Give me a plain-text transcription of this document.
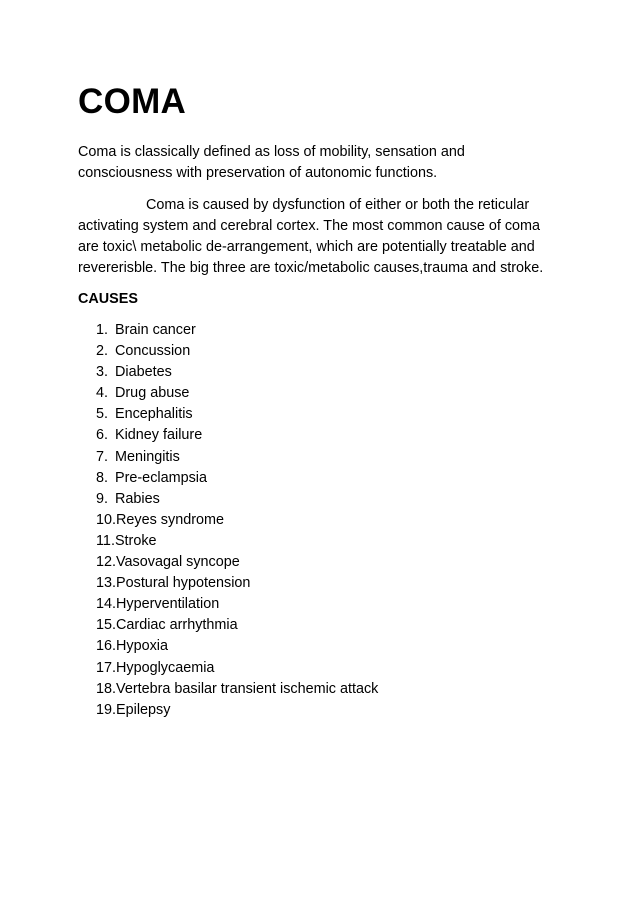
COMA

Coma is classically defined as loss of mobility, sensation and consciousness with preservation of autonomic functions.

Coma is caused by dysfunction of either or both the reticular activating system and cerebral cortex. The most common cause of coma are toxic\ metabolic de-arrangement, which are potentially treatable and revererisble. The big three are toxic/metabolic causes,trauma and stroke.

CAUSES
1. Brain cancer
2. Concussion
3. Diabetes
4. Drug abuse
5. Encephalitis
6. Kidney failure
7. Meningitis
8. Pre-eclampsia
9. Rabies
10.Reyes syndrome
11.Stroke
12.Vasovagal syncope
13.Postural hypotension
14.Hyperventilation
15.Cardiac arrhythmia
16.Hypoxia
17.Hypoglycaemia
18.Vertebra basilar transient ischemic attack
19.Epilepsy
